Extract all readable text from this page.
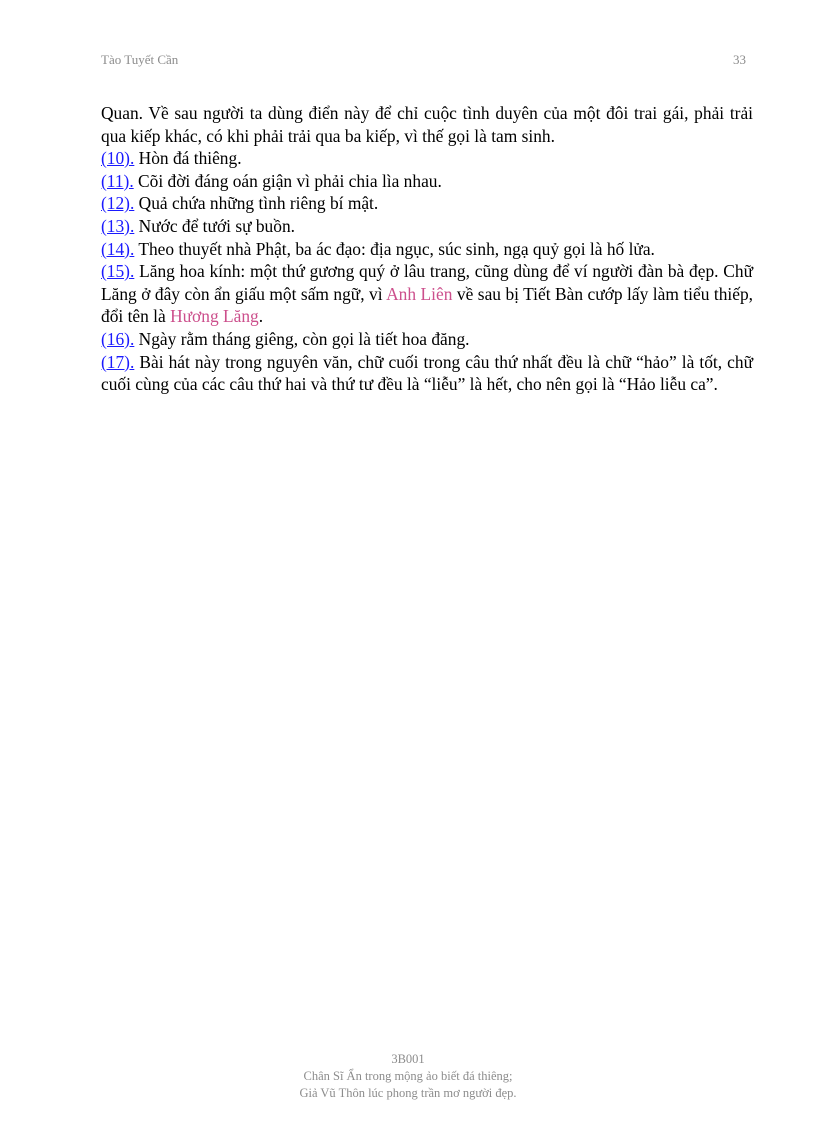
Tào Tuyết Cần	33

Quan. Về sau người ta dùng điển này để chỉ cuộc tình duyên của một đôi trai gái, phải trải qua kiếp khác, có khi phải trải qua ba kiếp, vì thế gọi là tam sinh.

(10). Hòn đá thiêng.

(11). Cõi đời đáng oán giận vì phải chia lìa nhau.

(12). Quả chứa những tình riêng bí mật.

(13). Nước để tưới sự buồn.

(14). Theo thuyết nhà Phật, ba ác đạo: địa ngục, súc sinh, ngạ quỷ gọi là hố lửa.

(15). Lăng hoa kính: một thứ gương quý ở lâu trang, cũng dùng để ví người đàn bà đẹp. Chữ Lăng ở đây còn ẩn giấu một sấm ngữ, vì Anh Liên về sau bị Tiết Bàn cướp lấy làm tiểu thiếp, đổi tên là Hương Lăng.

(16). Ngày rằm tháng giêng, còn gọi là tiết hoa đăng.

(17). Bài hát này trong nguyên văn, chữ cuối trong câu thứ nhất đều là chữ “hảo” là tốt, chữ cuối cùng của các câu thứ hai và thứ tư đều là “liễu” là hết, cho nên gọi là “Hảo liễu ca”.

3B001
Chân Sĩ Ẩn trong mộng ảo biết đá thiêng;
Giả Vũ Thôn lúc phong trần mơ người đẹp.
